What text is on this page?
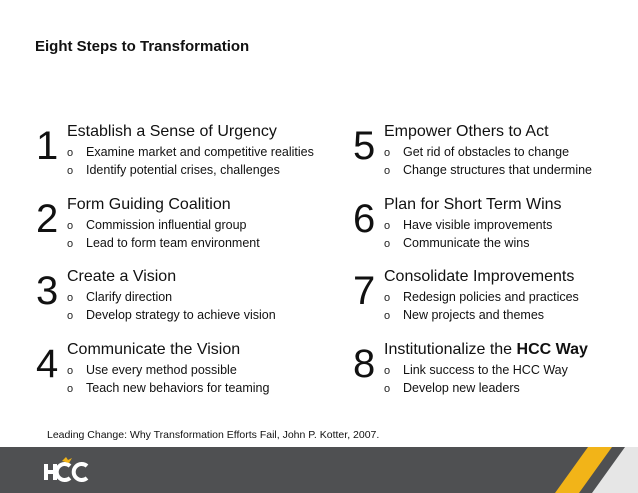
Eight Steps to Transformation
1 Establish a Sense of Urgency
o	Examine market and competitive realities
o	Identify potential crises, challenges
2 Form Guiding Coalition
o	Commission influential group
o	Lead to form team environment
3 Create a Vision
o	Clarify direction
o	Develop strategy to achieve vision
4 Communicate the Vision
o	Use every method possible
o	Teach new behaviors for teaming
5 Empower Others to Act
o	Get rid of obstacles to change
o	Change structures that undermine
6 Plan for Short Term Wins
o	Have visible improvements
o	Communicate the wins
7 Consolidate Improvements
o	Redesign policies and practices
o	New projects and themes
8 Institutionalize the HCC Way
o	Link success to the HCC Way
o	Develop new leaders
Leading Change: Why Transformation Efforts Fail, John P. Kotter, 2007.
